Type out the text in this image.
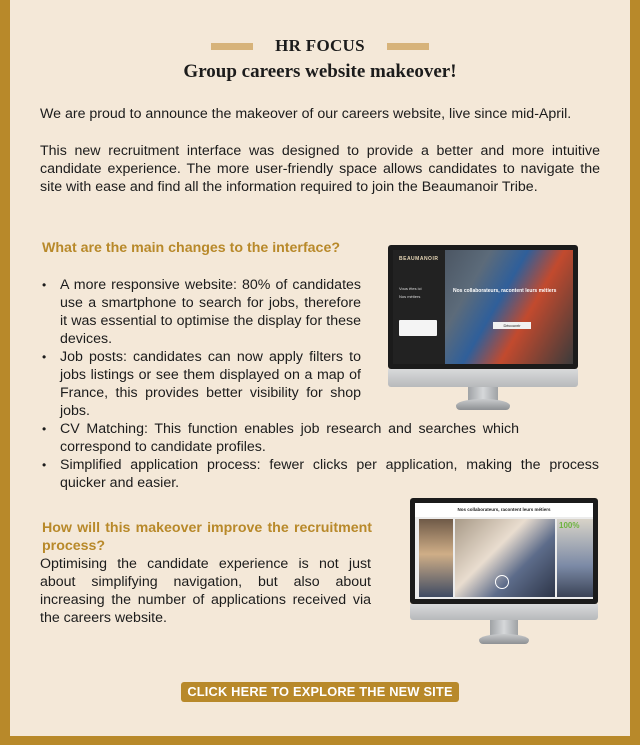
HR FOCUS
Group careers website makeover!
We are proud to announce the makeover of our careers website, live since mid-April.
This new recruitment interface was designed to provide a better and more intuitive candidate experience. The more user-friendly space allows candidates to navigate the site with ease and find all the information required to join the Beaumanoir Tribe.
What are the main changes to the interface?
• A more responsive website: 80% of candidates use a smartphone to search for jobs, therefore it was essential to optimise the display for these devices.
• Job posts: candidates can now apply filters to jobs listings or see them displayed on a map of France, this provides better visibility for shop jobs.
• CV Matching: This function enables job research and searches which correspond to candidate profiles.
• Simplified application process: fewer clicks per application, making the process quicker and easier.
How will this makeover improve the recruitment process?
Optimising the candidate experience is not just about simplifying navigation, but also about increasing the number of applications received via the careers website.
BEAUMANOIR
Vous êtes ici
Nos métiers
Nos collaborateurs, racontent leurs métiers
Découvrir
Nos collaborateurs, racontent leurs métiers
100%
CLICK HERE TO EXPLORE THE NEW SITE
